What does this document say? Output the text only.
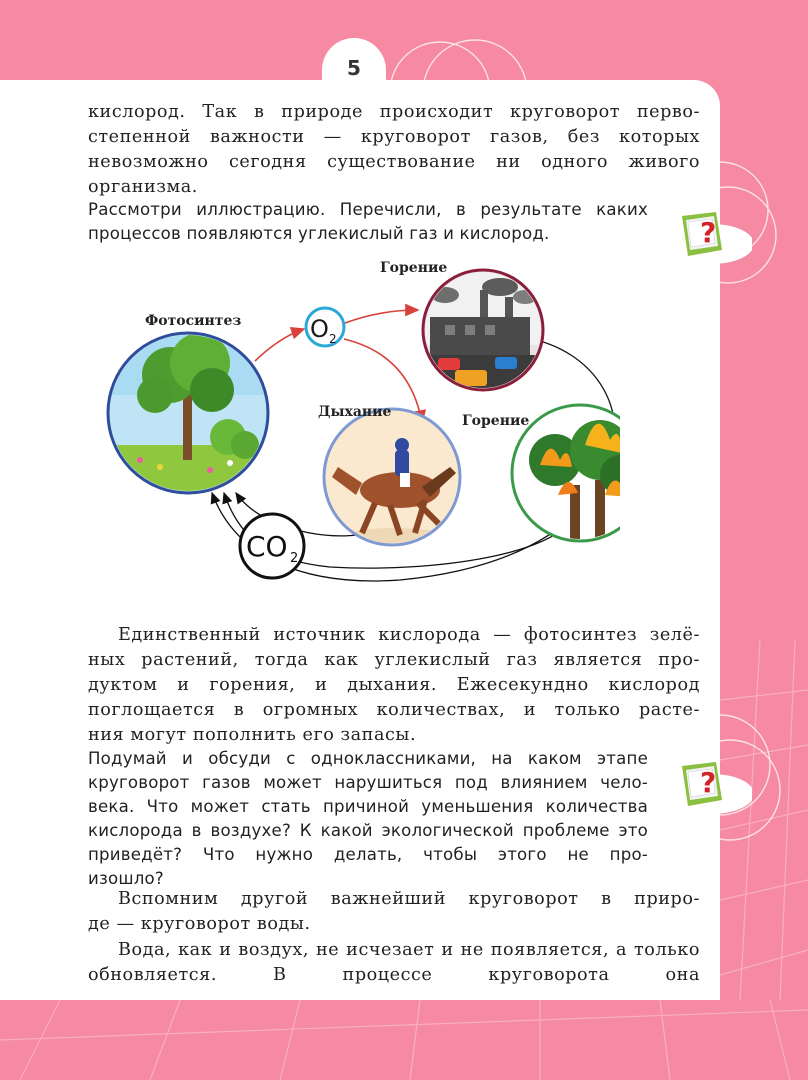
5
кислород. Так в природе происходит круговорот перво- степенной важности — круговорот газов, без которых невозможно сегодня существование ни одного живого
организма.
Рассмотри иллюстрацию. Перечисли, в результате каких
процессов появляются углекислый газ и кислород.	?
O 2
CO 2
Фотосинтез
Горение
Дыхание
Горение
Единственный источник кислорода — фотосинтез зелё- ных растений, тогда как углекислый газ является про- дуктом и горения, и дыхания. Ежесекундно кислород поглощается в огромных количествах, и только расте-
ния могут пополнить его запасы.
Подумай и обсуди с одноклассниками, на каком этапе круговорот газов может нарушиться под влиянием чело- века. Что может стать причиной уменьшения количества кислорода в воздухе? К какой экологической проблеме это приведёт? Что нужно делать, чтобы этого не про-
изошло?
?
Вспомним другой важнейший круговорот в приро-
де — круговорот воды.
Вода, как и воздух, не исчезает и не появляется, а только обновляется. В процессе круговорота она
